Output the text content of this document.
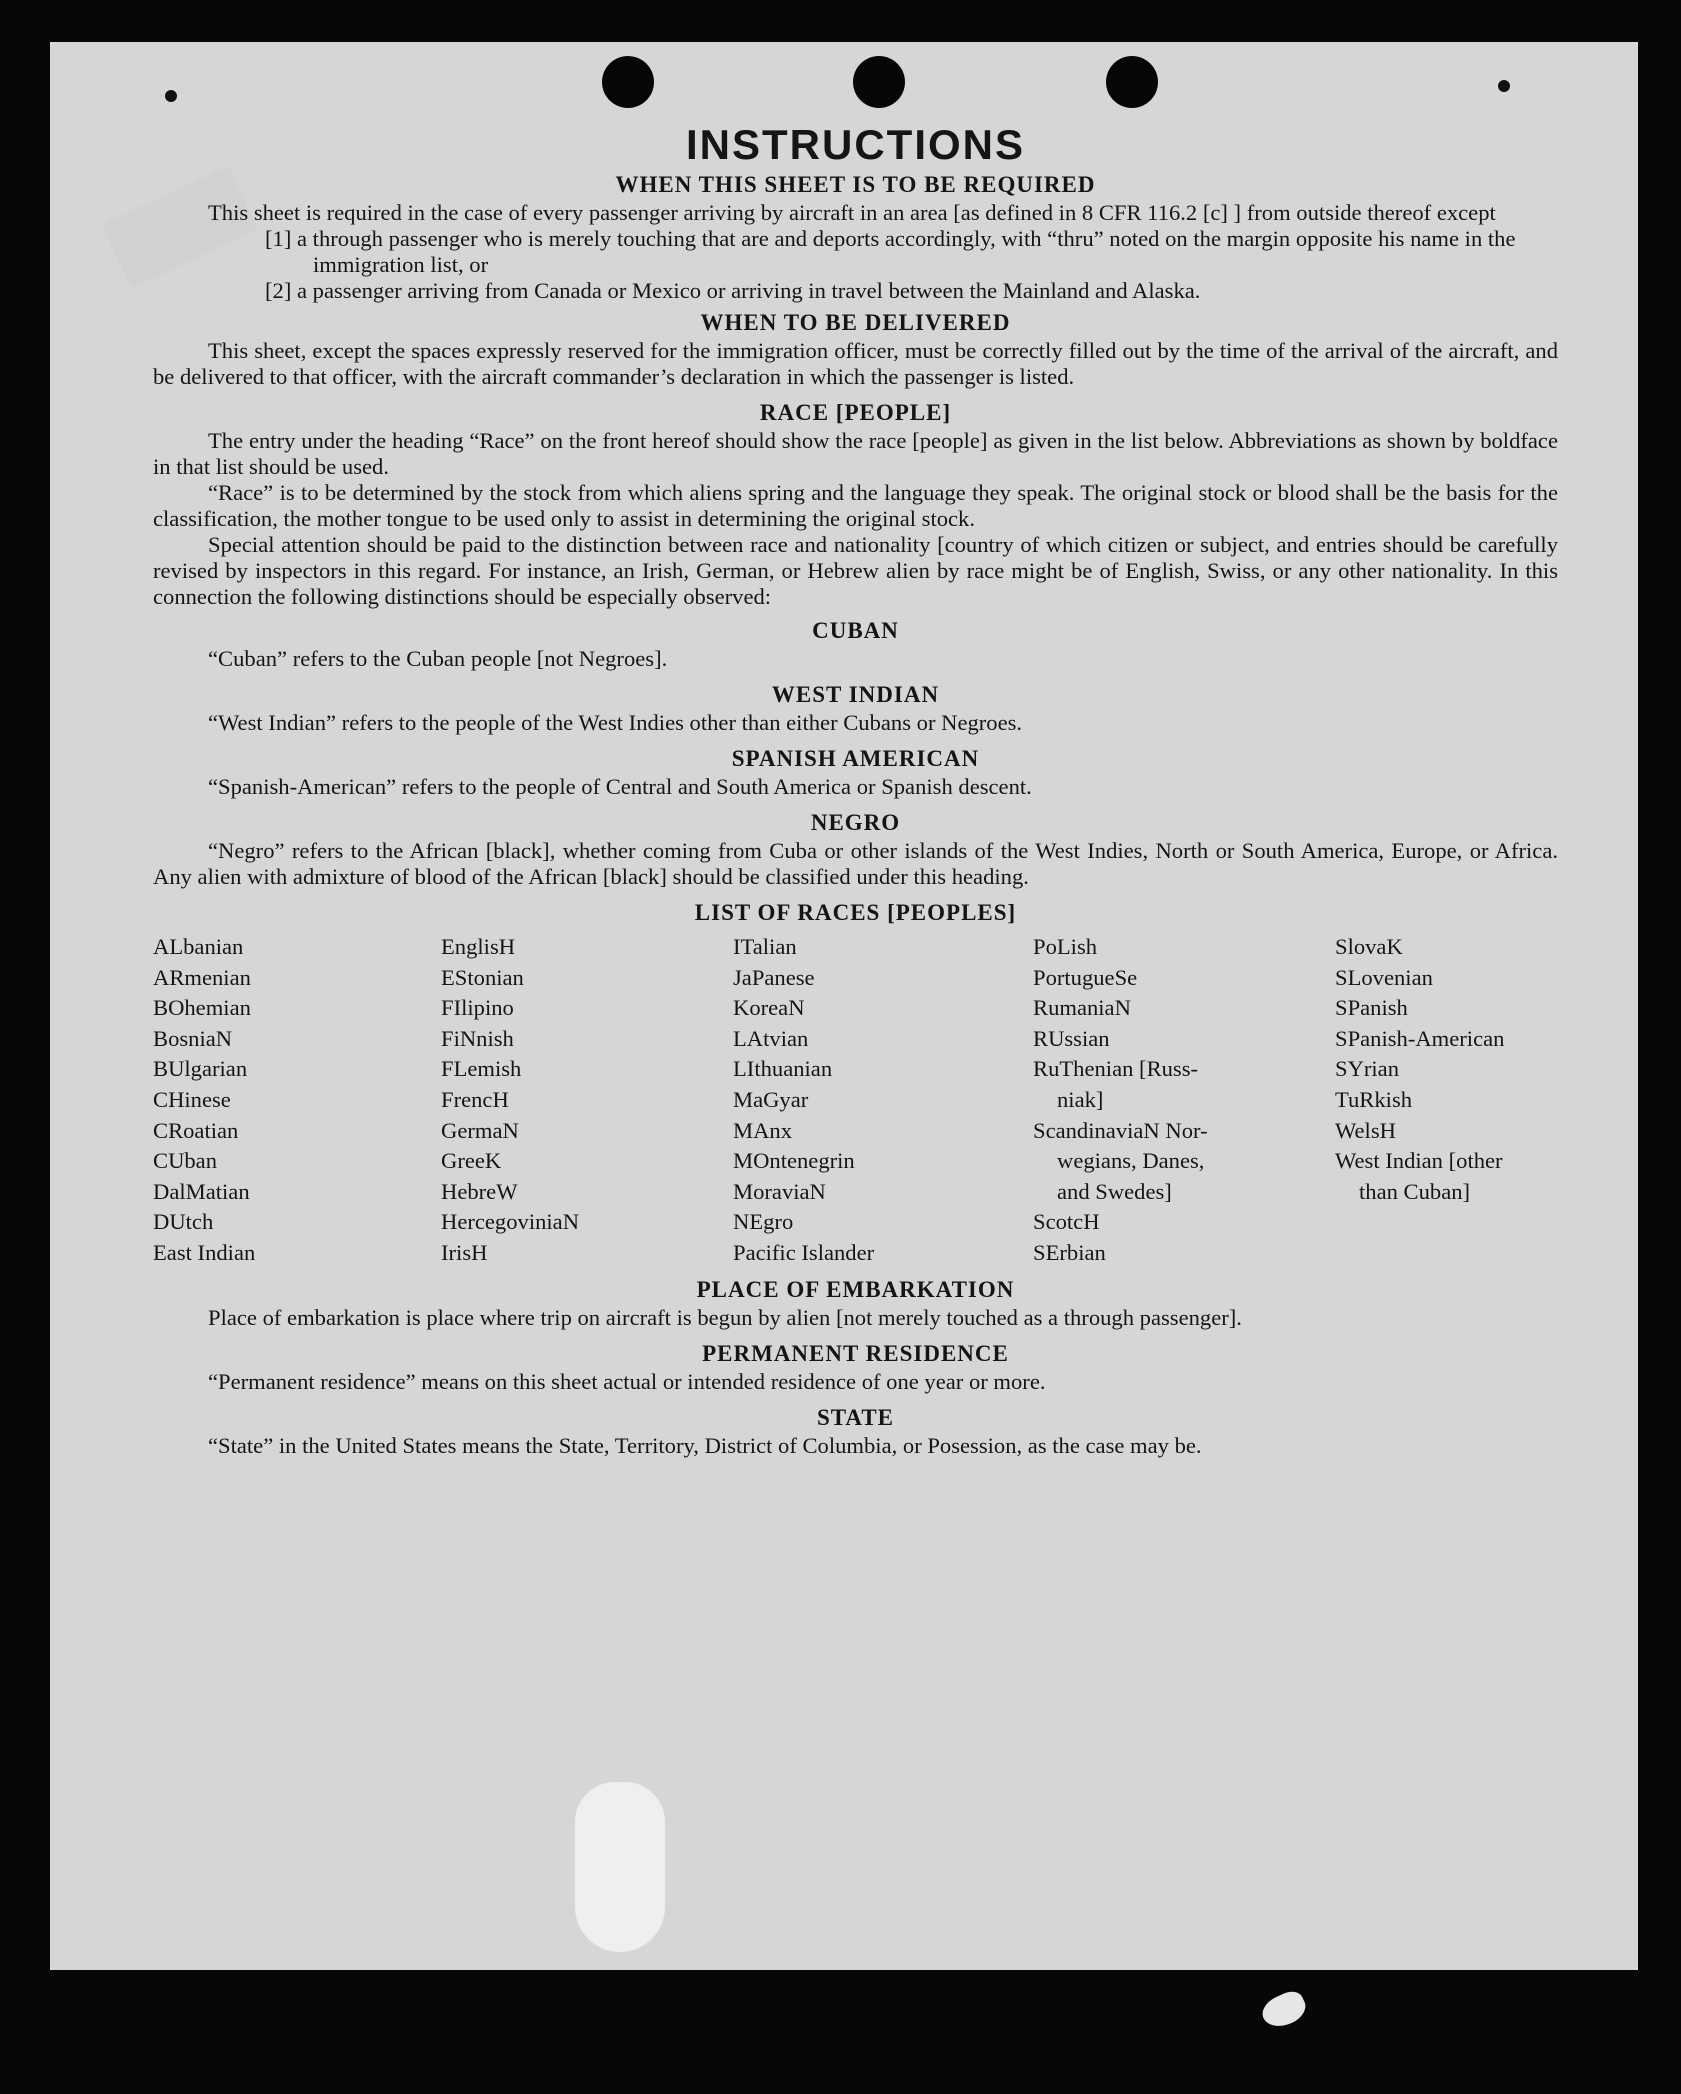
INSTRUCTIONS
WHEN THIS SHEET IS TO BE REQUIRED

This sheet is required in the case of every passenger arriving by aircraft in an area [as defined in 8 CFR 116.2 [c] ] from outside thereof except

[1] a through passenger who is merely touching that are and deports accordingly, with “thru” noted on the margin opposite his name in the immigration list, or

[2] a passenger arriving from Canada or Mexico or arriving in travel between the Mainland and Alaska.

WHEN TO BE DELIVERED

This sheet, except the spaces expressly reserved for the immigration officer, must be correctly filled out by the time of the arrival of the aircraft, and be delivered to that officer, with the aircraft commander’s declaration in which the passenger is listed.

RACE [PEOPLE]

The entry under the heading “Race” on the front hereof should show the race [people] as given in the list below. Abbreviations as shown by boldface in that list should be used.

“Race” is to be determined by the stock from which aliens spring and the language they speak. The original stock or blood shall be the basis for the classification, the mother tongue to be used only to assist in determining the original stock.

Special attention should be paid to the distinction between race and nationality [country of which citizen or subject, and entries should be carefully revised by inspectors in this regard. For instance, an Irish, German, or Hebrew alien by race might be of English, Swiss, or any other nationality. In this connection the following distinctions should be especially observed:

CUBAN

“Cuban” refers to the Cuban people [not Negroes].

WEST INDIAN

“West Indian” refers to the people of the West Indies other than either Cubans or Negroes.

SPANISH AMERICAN

“Spanish-American” refers to the people of Central and South America or Spanish descent.

NEGRO

“Negro” refers to the African [black], whether coming from Cuba or other islands of the West Indies, North or South America, Europe, or Africa. Any alien with admixture of blood of the African [black] should be classified under this heading.

LIST OF RACES [PEOPLES]
ALbanian
ARmenian
BOhemian
BosniaN
BUlgarian
CHinese
CRoatian
CUban
DalMatian
DUtch
East Indian
EnglisH
EStonian
FIlipino
FiNnish
FLemish
FrencH
GermaN
GreeK
HebreW
HercegoviniaN
IrisH
ITalian
JaPanese
KoreaN
LAtvian
LIthuanian
MaGyar
MAnx
MOntenegrin
MoraviaN
NEgro
Pacific Islander
PoLish
PortugueSe
RumaniaN
RUssian
RuThenian [Russ-
niak]
ScandinaviaN Nor-
wegians, Danes,
and Swedes]
ScotcH
SErbian
SlovaK
SLovenian
SPanish
SPanish-American
SYrian
TuRkish
WelsH
West Indian [other
than Cuban]
PLACE OF EMBARKATION

Place of embarkation is place where trip on aircraft is begun by alien [not merely touched as a through passenger].

PERMANENT RESIDENCE

“Permanent residence” means on this sheet actual or intended residence of one year or more.

STATE

“State” in the United States means the State, Territory, District of Columbia, or Posession, as the case may be.
